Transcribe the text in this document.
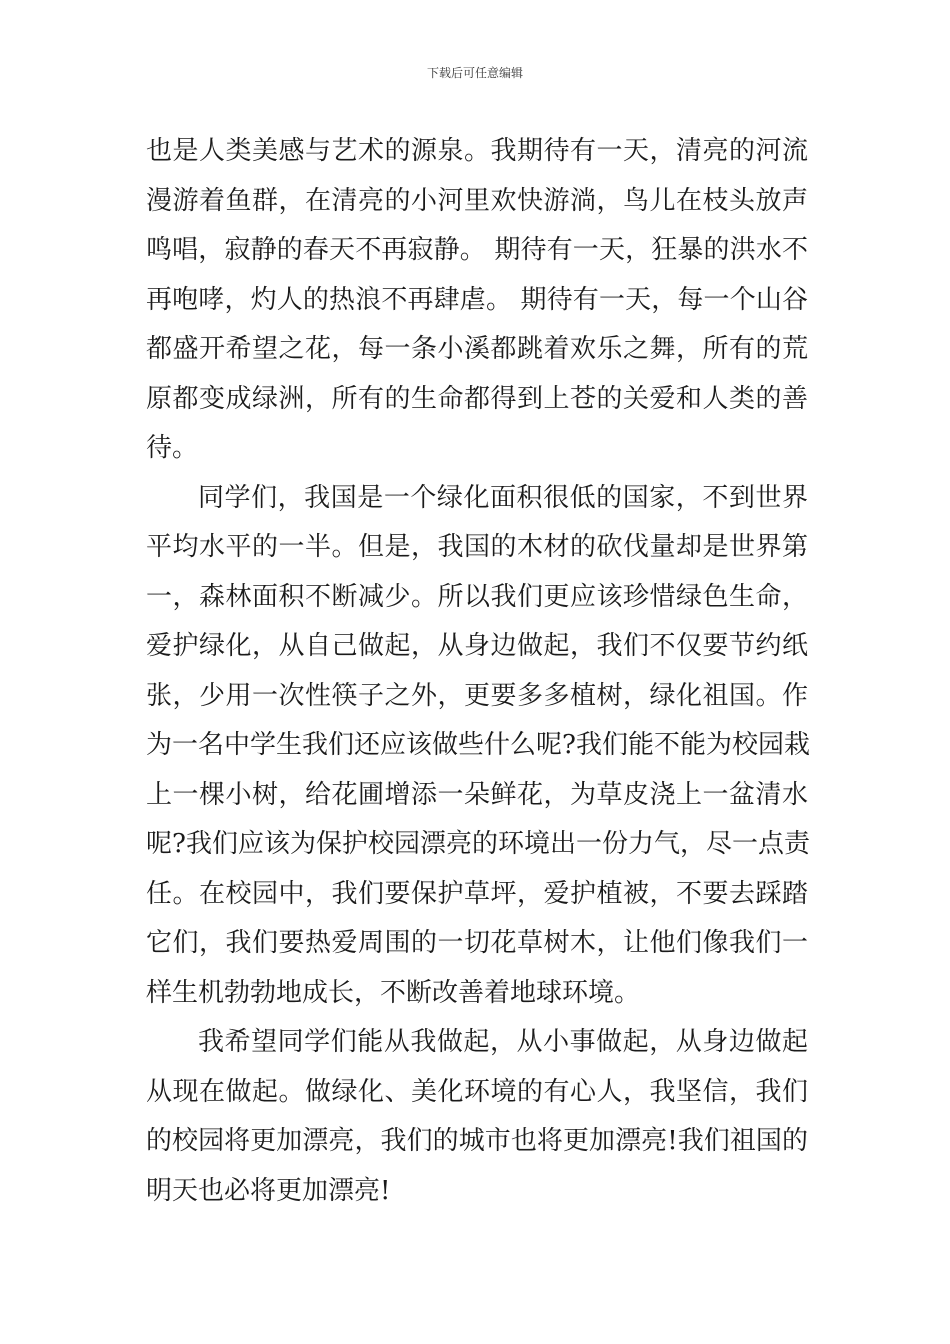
下载后可任意编辑

也是人类美感与艺术的源泉。我期待有一天，清亮的河流

漫游着鱼群，在清亮的小河里欢快游淌，鸟儿在枝头放声

鸣唱，寂静的春天不再寂静。 期待有一天，狂暴的洪水不

再咆哮，灼人的热浪不再肆虐。 期待有一天，每一个山谷

都盛开希望之花，每一条小溪都跳着欢乐之舞，所有的荒

原都变成绿洲，所有的生命都得到上苍的关爱和人类的善

待。

同学们，我国是一个绿化面积很低的国家，不到世界

平均水平的一半。但是，我国的木材的砍伐量却是世界第

一，森林面积不断减少。所以我们更应该珍惜绿色生命，

爱护绿化，从自己做起，从身边做起，我们不仅要节约纸

张，少用一次性筷子之外，更要多多植树，绿化祖国。作

为一名中学生我们还应该做些什么呢?我们能不能为校园栽

上一棵小树，给花圃增添一朵鲜花，为草皮浇上一盆清水

呢?我们应该为保护校园漂亮的环境出一份力气，尽一点责

任。在校园中，我们要保护草坪，爱护植被，不要去踩踏

它们，我们要热爱周围的一切花草树木，让他们像我们一

样生机勃勃地成长，不断改善着地球环境。

我希望同学们能从我做起，从小事做起，从身边做起

从现在做起。做绿化、美化环境的有心人，我坚信，我们

的校园将更加漂亮，我们的城市也将更加漂亮!我们祖国的

明天也必将更加漂亮!
